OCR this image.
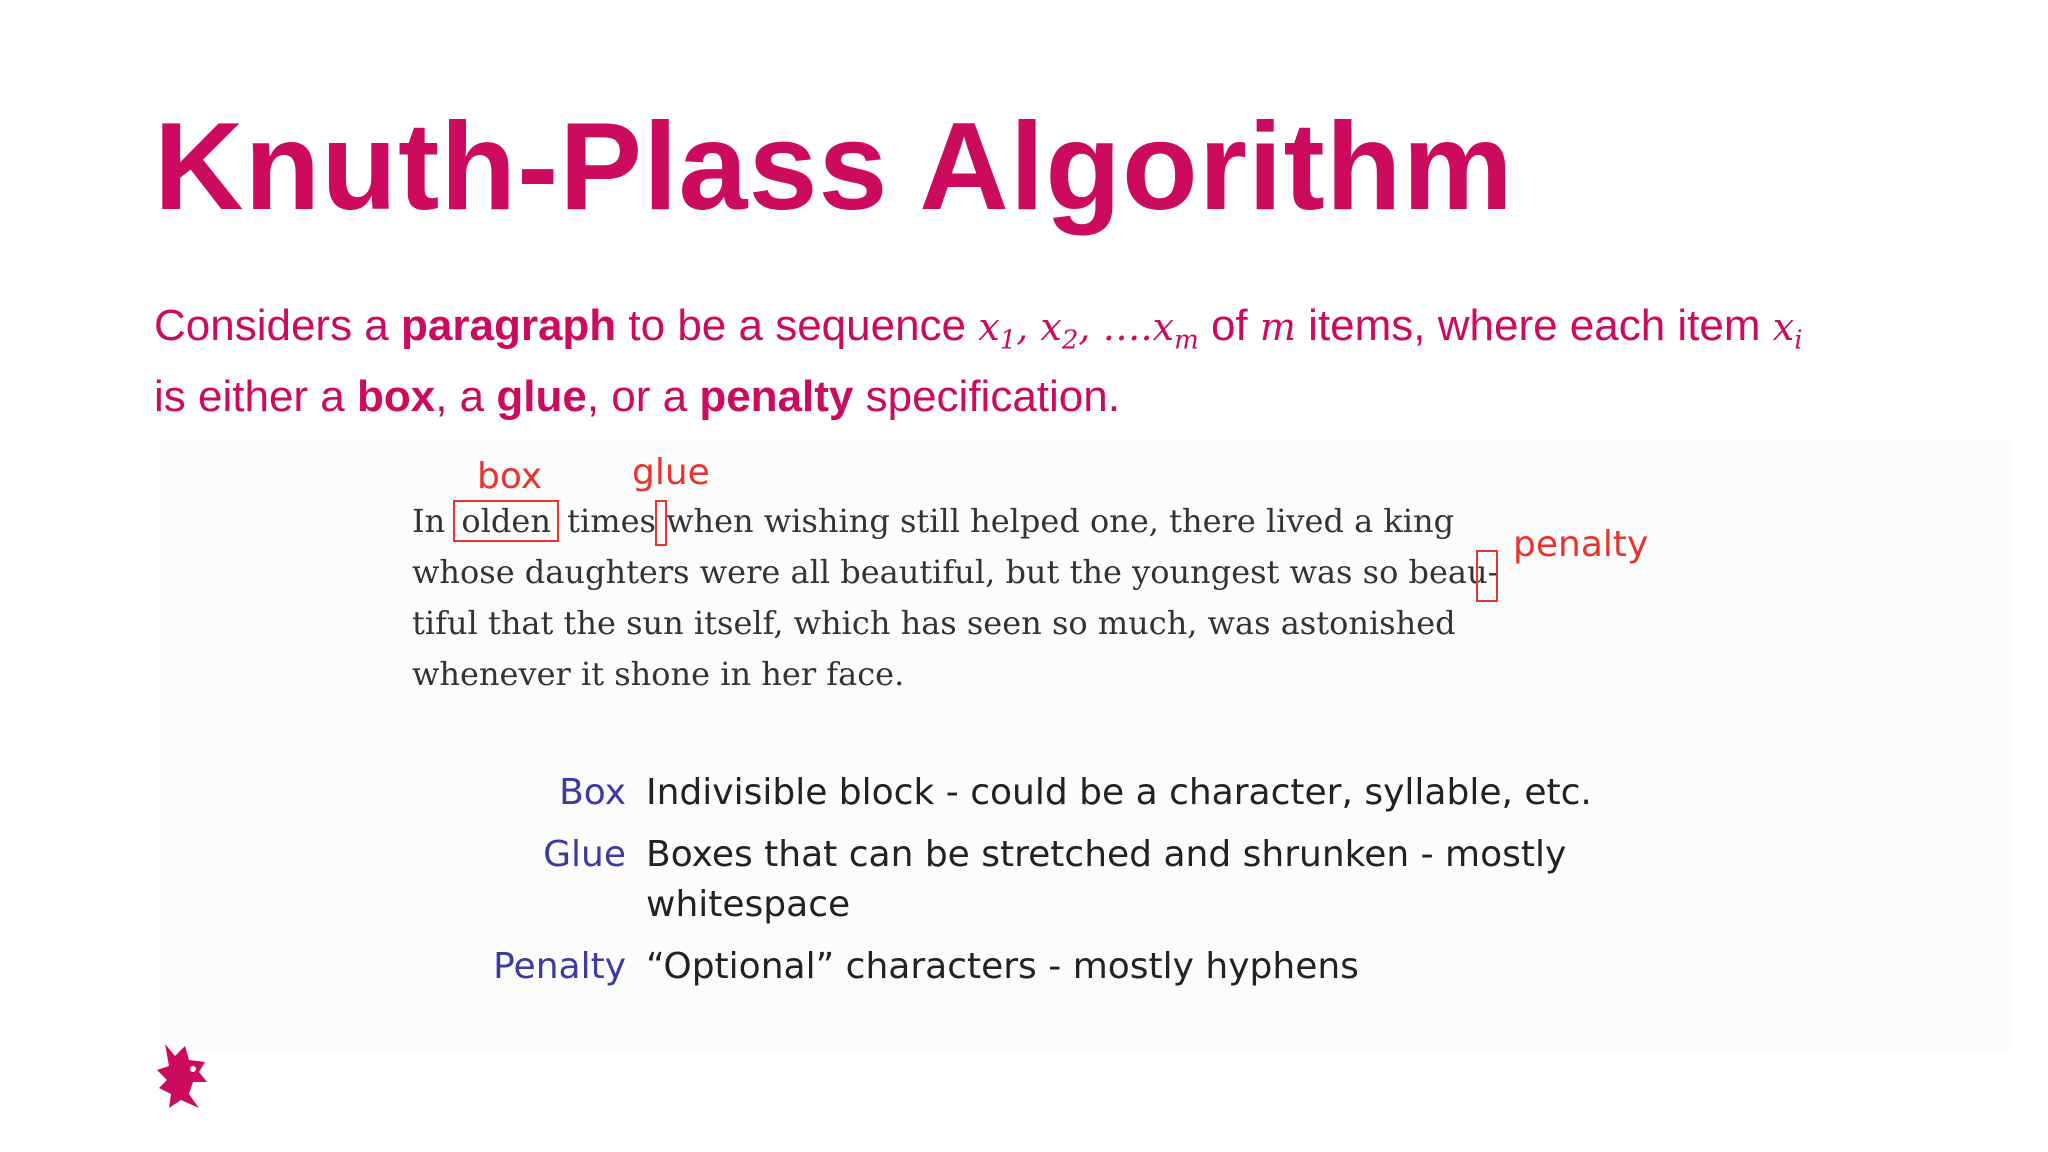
Knuth-Plass Algorithm
Considers a paragraph to be a sequence $x_1$, $x_2$, $\dots.x_m$ of m items, where each item $x_i$
is either a box, a glue, or a penalty specification.
box glue
penalty
In olden times when wishing still helped one, there lived a king
whose daughters were all beautiful, but the youngest was so beau-
tiful that the sun itself, which has seen so much, was astonished
whenever it shone in her face.
Box Indivisible block - could be a character, syllable, etc.
Glue Boxes that can be stretched and shrunken - mostly whitespace
Penalty “Optional” characters - mostly hyphens
